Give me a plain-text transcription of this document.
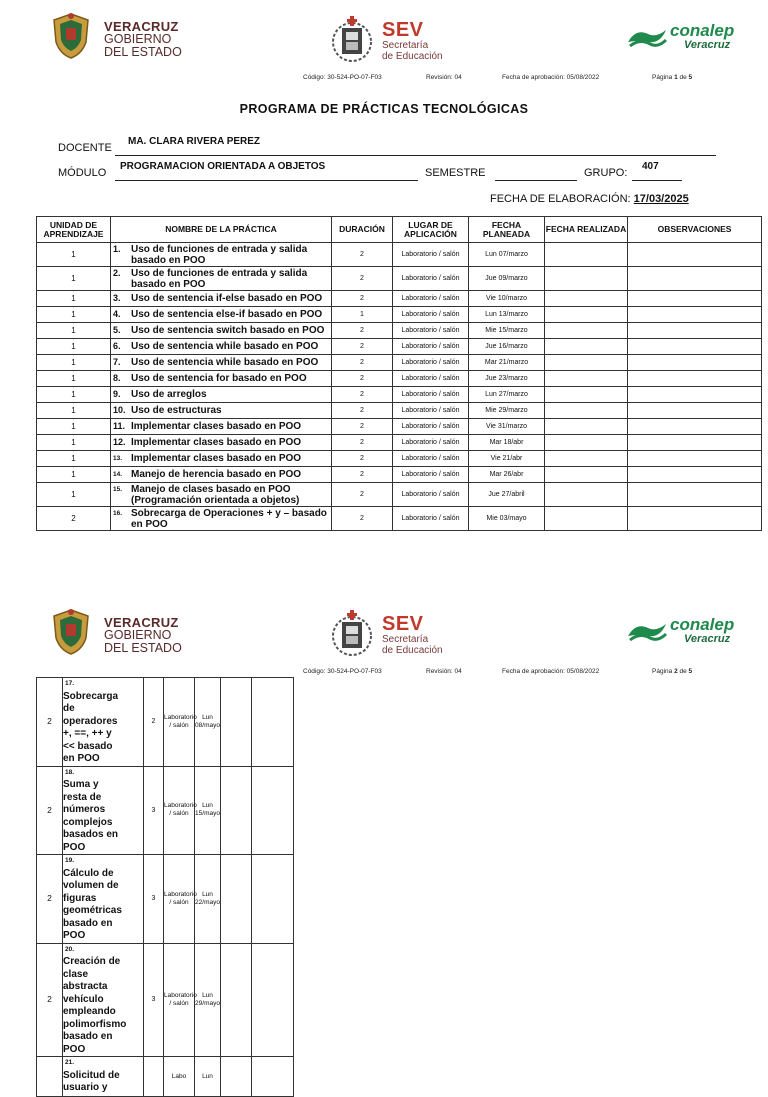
VERACRUZ
GOBIERNO
DEL ESTADO
SEV
Secretaría
de Educación
conalep
Veracruz
Código: 30-524-PO-07-F03	Revisión: 04	Fecha de aprobación: 05/08/2022	Página 1 de 5
PROGRAMA DE PRÁCTICAS TECNOLÓGICAS
DOCENTE
MA. CLARA RIVERA PEREZ
MÓDULO
PROGRAMACION ORIENTADA A OBJETOS
SEMESTRE	GRUPO:
407
FECHA DE ELABORACIÓN: 17/03/2025
UNIDAD DE APRENDIZAJE	NOMBRE DE LA PRÁCTICA	DURACIÓN	LUGAR DE APLICACIÓN	FECHA PLANEADA	FECHA REALIZADA	OBSERVACIONES
1	1. Uso de funciones de entrada y salida basado en POO	2	Laboratorio / salón	Lun 07/marzo		
1	2. Uso de funciones de entrada y salida basado en POO	2	Laboratorio / salón	Jue 09/marzo		
1	3. Uso de sentencia if-else basado en POO	2	Laboratorio / salón	Vie 10/marzo		
1	4. Uso de sentencia else-if basado en POO	1	Laboratorio / salón	Lun 13/marzo		
1	5. Uso de sentencia switch basado en POO	2	Laboratorio / salón	Mie 15/marzo		
1	6. Uso de sentencia while basado en POO	2	Laboratorio / salón	Jue 16/marzo		
1	7. Uso de sentencia while basado en POO	2	Laboratorio / salón	Mar 21/marzo		
1	8. Uso de sentencia for basado en POO	2	Laboratorio / salón	Jue 23/marzo		
1	9. Uso de arreglos	2	Laboratorio / salón	Lun 27/marzo		
1	10. Uso de estructuras	2	Laboratorio / salón	Mie 29/marzo		
1	11. Implementar clases basado en POO	2	Laboratorio / salón	Vie 31/marzo		
1	12. Implementar clases basado en POO	2	Laboratorio / salón	Mar 18/abr		
1	13. Implementar clases basado en POO	2	Laboratorio / salón	Vie 21/abr		
1	14. Manejo de herencia basado en POO	2	Laboratorio / salón	Mar 26/abr		
1	15. Manejo de clases basado en POO (Programación orientada a objetos)	2	Laboratorio / salón	Jue 27/abril		
2	16. Sobrecarga de Operaciones + y – basado en POO	2	Laboratorio / salón	Mie 03/mayo		
VERACRUZ
GOBIERNO
DEL ESTADO
SEV
Secretaría
de Educación
conalep
Veracruz
Código: 30-524-PO-07-F03	Revisión: 04	Fecha de aprobación: 05/08/2022	Página 2 de 5
2	17.Sobrecarga de operadores +, ==, ++ y << basado en POO	2	Laboratorio / salón	Lun 08/mayo		
2	18.Suma y resta de números complejos basados en POO	3	Laboratorio / salón	Lun 15/mayo		
2	19.Cálculo de volumen de figuras geométricas basado en POO	3	Laboratorio / salón	Lun 22/mayo		
2	20.Creación de clase abstracta vehículo empleando polimorfismo basado en POO	3	Laboratorio / salón	Lun 29/mayo		
	21.Solicitud de usuario y		Labo	Lun		
